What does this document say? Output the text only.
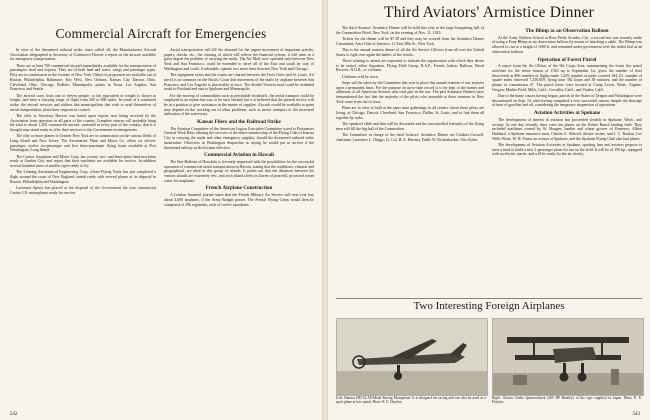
Commercial Aircraft for Emergencies

In view of the threatened railroad strike, since called off, the Manufacturers Aircraft Association telegraphed to Secretary of Commerce Hoover a report on the aircraft available for emergency transportation.

There are at least 700 commercial aircraft immediately available for the transportation of passengers, mail and express. They are of both land and water, wings and passenger types. Fifty are in commission in the vicinity of New York. Others in proportion are available out of Boston, Philadelphia, Baltimore, Key West, New Orleans, Kansas City, Dayton, Ohio, Cleveland, Ohio, Chicago, Buffalo, Minneapolis, points in Texas, Los Angeles, San Francisco and Seattle.

The aircraft carry from one to eleven people, so the equivalent in weight is shown in freight, and have a carrying range of flight from 200 to 800 miles. In event of a continued strike, the aircraft services and airlines that municipalities that wish to avail themselves of aerial transportation, place their requests in council.

The offer to Secretary Hoover was based upon reports now being received by the Association from operators in all parts of the country. Complete returns will probably bring the total to about 1,200 commercial aircraft, stationed in every part of the country, that it is thought may stand ready to offer their services to the Government in emergencies.

The fifty or more planes in Greater New York are in commission on the various fields of Long Island and New Jersey. The Aeromarine Plane and Motor Co. offers six eleven-passenger, twelve six-passenger and five three-passenger flying boats available at Port Washington, Long Island.

The Curtiss Aeroplane and Motor Corp. has twenty, two- and three-place land machines ready at Garden City, and report that their machines are available for service. In addition several hundred more of smaller types ready to fly.

The Lenning Aeronautical Engineering Corp. whose Flying Yacht has just completed a flight around the coast of New England, stands ready with several planes at its disposal in Boston, Philadelphia and Washington.

Lawrence Sperry has placed at the disposal of the Government the four commercial Curtiss J.N. monoplanes ready for service.

Aerial transportation will fill the demand for the urgent movement of important articles, papers, checks, etc., the clearing of which will relieve the financial system; it will meet in a great degree the problem of carrying the mails. The Air Mail, now operated only between New York and San Francisco, could be extended to serve all of the East and south by way of Washington and could, if advisable, operate two more lines between New York and Chicago.

The equipment exists and the routes are charted between the Twin Cities and St. Louis. Air travel is so common on the Pacific Coast that movement of the mails by airplane between San Francisco and Los Angeles is practicable at once. The Seattle-Victoria mail could be extended south to Portland and east to Spokane and Minneapolis.

For the moving of commodities such as perishable foodstuffs, the aerial transport could be employed to an extent that was, to be sure, limited, but it is believed that the present service will be in a position to give assistance in the matter of supplies. Aircraft would be available to point may depend on the working out of other problems, such as motor transport or the increased utilization of the waterways.

Kansas Fliers and the Railroad Strike

The Aviation Committee of the American Legion Executive Committee wired to Postmaster General Work Hays offering the services of the entire membership of the Flying Club of Kansas City in carrying the mails and other emergency supplies, should the threatened railroad strike materialize. Observers in Washington despatches as saying he would put in service if the threatened railway strike became effective.

Commercial Aviation in Hawaii

The Star-Bulletin of Honolulu is fervently impressed with the possibilities for the successful operation of commercial aerial transportation in Hawaii, stating that the conditions, climatic and geographical, are ideal in this group of islands. It points out that the distances between the various islands are extremely few, and each island offers its haven of peaceful, protected ocean water for seaplanes.

French Airplane Construction

A London financial journal states that the French Military Air Service will next year buy about 3,000 airplanes, if the Army Budget passes. The French Flying Corps would then be composed of 296 regiments, each of twelve squadrons.

542
Third Aviators' Armistice Dinner

The third Aviators' Armistice Dinner will be held this year in the large banqueting hall of the Commodore Hotel, New York, on the evening of Nov. 11, 1923.

Tickets for the dinner will be $7.50 and they may be secured from the Armistice Dinner Committee, Aero Club of America, 11 East 38th St., New York.

This is the annual reunion dinner of all the Air Service Officers from all over the United States to fight over again the battles of the clouds.

Those wishing to attend are requested to indicate the organization with which they desire to be seated, either Squadron, Flying Field Group, R.A.F., French, Italian, Balloon, Naval Reserve, N.O.R., or civilians.

Uniforms will be worn.

Steps will be taken by the Committee this year to place this annual reunion of war aviators upon a permanent basis. For the purpose an up-to-date record is to be kept of the names and addresses of all American Aviators who took part in the war. The past Armistice Dinners have demonstrated the fact that the majority of the pilots who assemble at these reunions in New York come from out of town.

Plans are in view to hold at the same time gatherings in all centers where these pilots are living, at Chicago, Detroit, Cleveland, San Francisco, Dallas, St. Louis, and to link them all together by radio.

The speaker's table and dais will be decorated and the uncontrolled fraternity of the flying men will fill the big hall of the Commodore.

The Committee in charge of the third Aviators' Armistice Dinner are Conbert Crowell, chairman; Lawrence L. Driggs, Lt. Col. H. E. Hartney, Eddie W. Rickenbacker, Otto Kahn.

The Blimp as an Observation Balloon

At the Army Balloon School at Ross Field, Arcadia, Cal., a second test was recently made of using a Pony Blimp as an observation balloon by means of attaching a cable. The Blimp was allowed to rise to a height of 1000 ft. and remained under government over the initial trial as an observation balloon.

Operation of Forest Patrol

A report from the Air Officer of the 9th Corps Area, summarizing the forest fire patrol activities for the entire season of 1923 up to September 1st, gives the number of fires discovered as 906; number of flights made 1,429; number of miles covered 184,111; number of square miles observed 7,230,659; flying time 382 hours and 38 minutes; and the number of planes in commission 47. The patrol bases were located at Camp Lewis, Wash., Eugene, Oregon; Mather Field, Mills, Calif.; Corvallis, Calif.; and Visalia, Calif.

Due to the many causes having begun, patrols in the States of Oregon and Washington were discontinued on Sept. 10, after having completed a very successful season, despite the shortage of time of gasoline and oil, considering the temporary suspension of operations.

Aviation Activities at Spokane

The development of interest in aviation has proceeded steadily in Spokane, Wash., and vicinity. In one day recently there were ten planes on the Parker Ranch landing field. They included machines owned by W. Haugen, banker and wheat grower of Pomeroy; Albert Hubbard, a Spokane insurance man, Charles E. Sidwell, theatre owner, and J. C. Rankin. Lee Wells Waite, W. H. Fruen, an aviator of Spokane, and the Spokane Flying Club also had planes.

The development of Aviation Activities at Spokane, sporting fans and aviators propose to raise a fund to build a new 2-passenger plane for use on the field. It will be of 150 hp., equipped with an electric starter, and will be ready for the air shortly.

Two Interesting Foreign Airplanes
Left: Hanriot HD-32 All-Metal Racing Monoplane. It is designed for racing and can also be used as a sport plane at low speed. Photo N. E. Dreyfus
Right: Gloster Grebe Sparrowhawk (200 HP Bentley) of the type supplied to Japan. Photo N. E. Dreyfus
543
